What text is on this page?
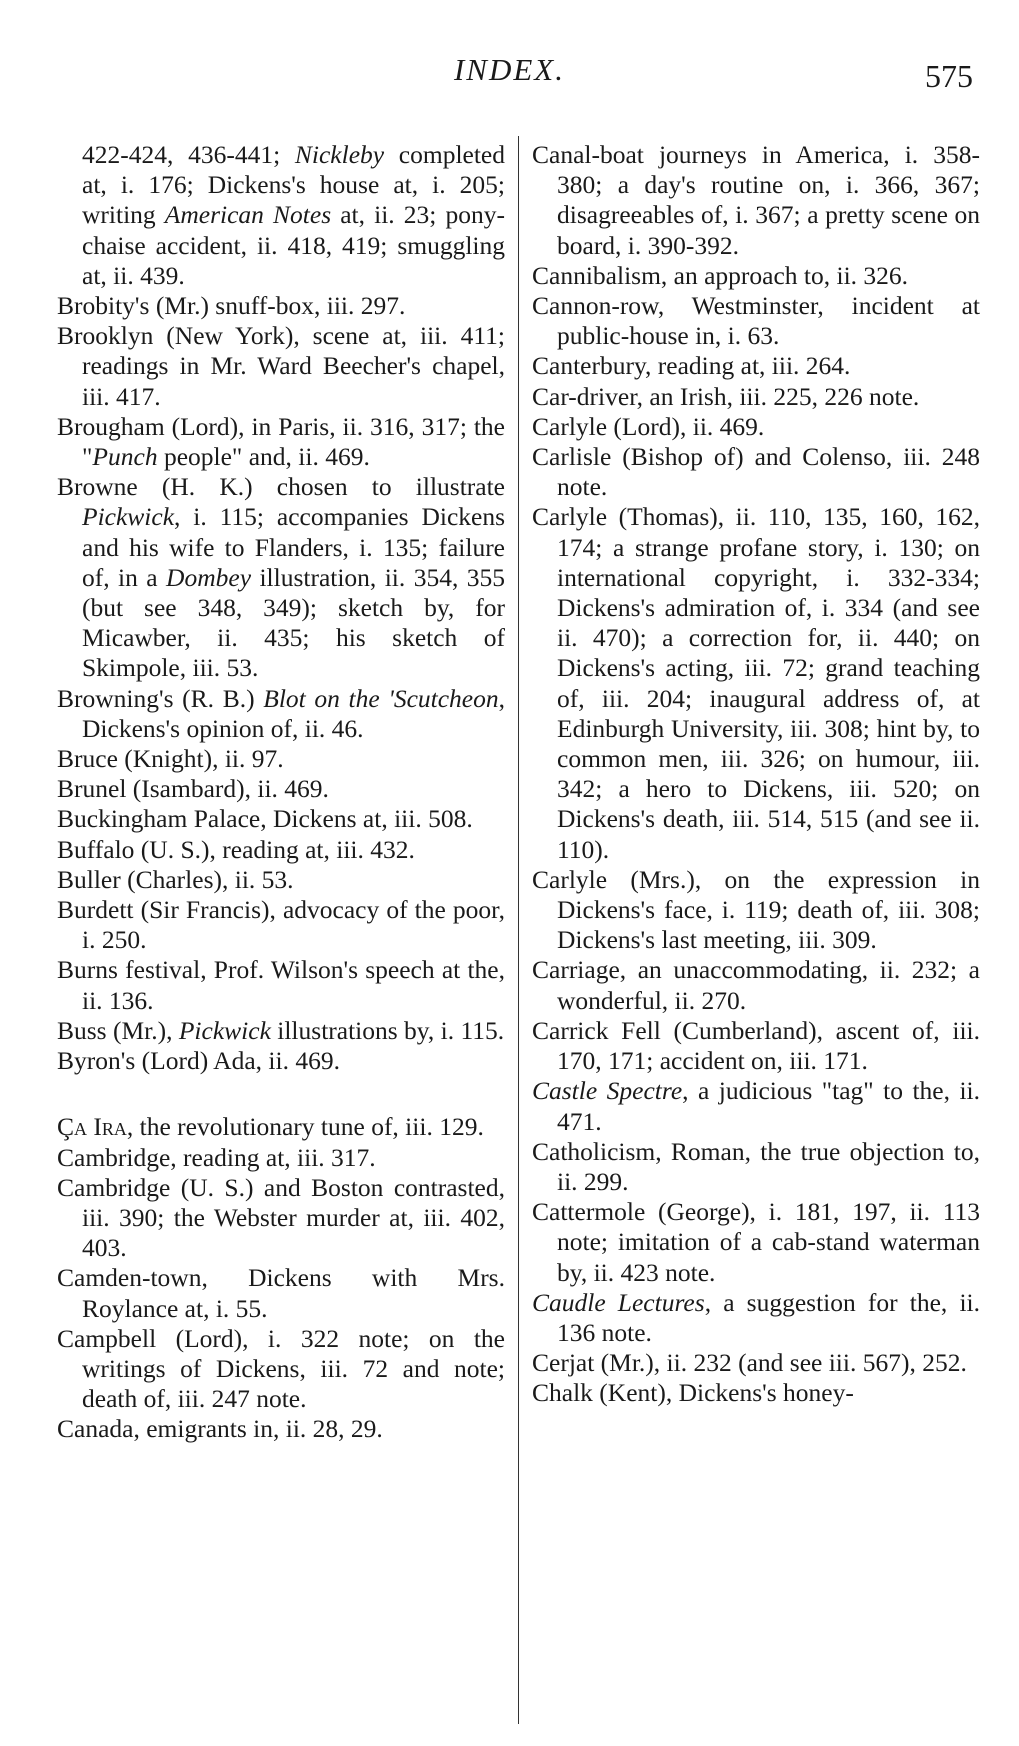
INDEX.	575

422-424, 436-441; Nickleby completed at, i. 176; Dickens's house at, i. 205; writing American Notes at, ii. 23; pony-chaise accident, ii. 418, 419; smuggling at, ii. 439.

Brobity's (Mr.) snuff-box, iii. 297.

Brooklyn (New York), scene at, iii. 411; readings in Mr. Ward Beecher's chapel, iii. 417.

Brougham (Lord), in Paris, ii. 316, 317; the "Punch people" and, ii. 469.

Browne (H. K.) chosen to illustrate Pickwick, i. 115; accompanies Dickens and his wife to Flanders, i. 135; failure of, in a Dombey illustration, ii. 354, 355 (but see 348, 349); sketch by, for Micawber, ii. 435; his sketch of Skimpole, iii. 53.

Browning's (R. B.) Blot on the 'Scutcheon, Dickens's opinion of, ii. 46.

Bruce (Knight), ii. 97.

Brunel (Isambard), ii. 469.

Buckingham Palace, Dickens at, iii. 508.

Buffalo (U. S.), reading at, iii. 432.

Buller (Charles), ii. 53.

Burdett (Sir Francis), advocacy of the poor, i. 250.

Burns festival, Prof. Wilson's speech at the, ii. 136.

Buss (Mr.), Pickwick illustrations by, i. 115.

Byron's (Lord) Ada, ii. 469.

Ça Ira, the revolutionary tune of, iii. 129.

Cambridge, reading at, iii. 317.

Cambridge (U. S.) and Boston contrasted, iii. 390; the Webster murder at, iii. 402, 403.

Camden-town, Dickens with Mrs. Roylance at, i. 55.

Campbell (Lord), i. 322 note; on the writings of Dickens, iii. 72 and note; death of, iii. 247 note.

Canada, emigrants in, ii. 28, 29.

Canal-boat journeys in America, i. 358-380; a day's routine on, i. 366, 367; disagreeables of, i. 367; a pretty scene on board, i. 390-392.

Cannibalism, an approach to, ii. 326.

Cannon-row, Westminster, incident at public-house in, i. 63.

Canterbury, reading at, iii. 264.

Car-driver, an Irish, iii. 225, 226 note.

Carlyle (Lord), ii. 469.

Carlisle (Bishop of) and Colenso, iii. 248 note.

Carlyle (Thomas), ii. 110, 135, 160, 162, 174; a strange profane story, i. 130; on international copyright, i. 332-334; Dickens's admiration of, i. 334 (and see ii. 470); a correction for, ii. 440; on Dickens's acting, iii. 72; grand teaching of, iii. 204; inaugural address of, at Edinburgh University, iii. 308; hint by, to common men, iii. 326; on humour, iii. 342; a hero to Dickens, iii. 520; on Dickens's death, iii. 514, 515 (and see ii. 110).

Carlyle (Mrs.), on the expression in Dickens's face, i. 119; death of, iii. 308; Dickens's last meeting, iii. 309.

Carriage, an unaccommodating, ii. 232; a wonderful, ii. 270.

Carrick Fell (Cumberland), ascent of, iii. 170, 171; accident on, iii. 171.

Castle Spectre, a judicious "tag" to the, ii. 471.

Catholicism, Roman, the true objection to, ii. 299.

Cattermole (George), i. 181, 197, ii. 113 note; imitation of a cab-stand waterman by, ii. 423 note.

Caudle Lectures, a suggestion for the, ii. 136 note.

Cerjat (Mr.), ii. 232 (and see iii. 567), 252.

Chalk (Kent), Dickens's honey-
